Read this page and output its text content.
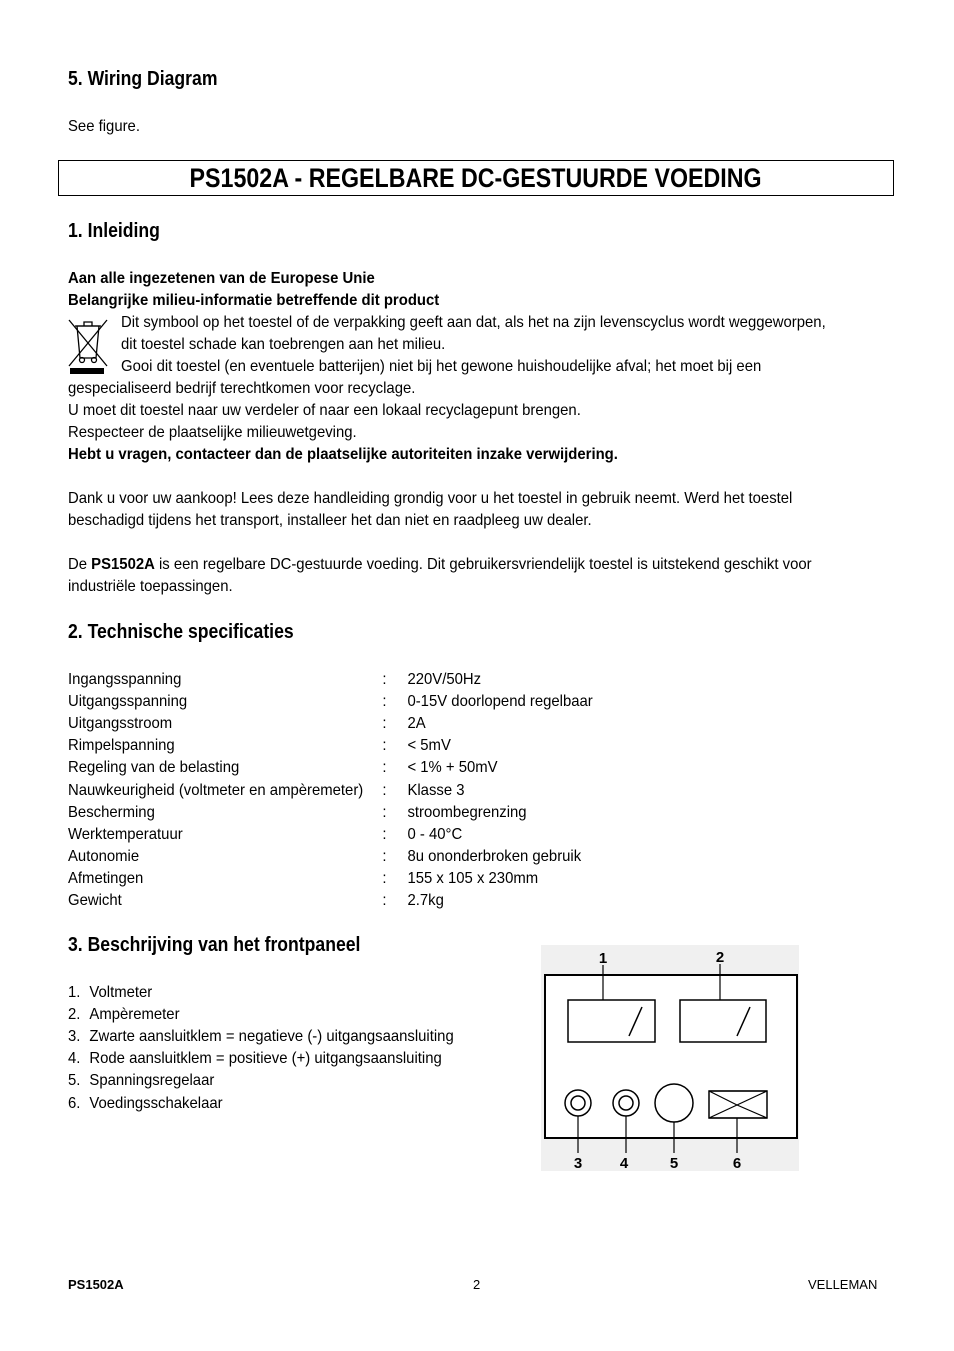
5. Wiring Diagram
See figure.
PS1502A - REGELBARE DC-GESTUURDE VOEDING
1. Inleiding
Aan alle ingezetenen van de Europese Unie
Belangrijke milieu-informatie betreffende dit product
Dit symbool op het toestel of de verpakking geeft aan dat, als het na zijn levenscyclus wordt weggeworpen,
dit toestel schade kan toebrengen aan het milieu.
Gooi dit toestel (en eventuele batterijen) niet bij het gewone huishoudelijke afval; het moet bij een
gespecialiseerd bedrijf terechtkomen voor recyclage.
U moet dit toestel naar uw verdeler of naar een lokaal recyclagepunt brengen.
Respecteer de plaatselijke milieuwetgeving.
Hebt u vragen, contacteer dan de plaatselijke autoriteiten inzake verwijdering.
Dank u voor uw aankoop! Lees deze handleiding grondig voor u het toestel in gebruik neemt. Werd het toestel
beschadigd tijdens het transport, installeer het dan niet en raadpleeg uw dealer.
De PS1502A is een regelbare DC-gestuurde voeding. Dit gebruikersvriendelijk toestel is uitstekend geschikt voor
industriële toepassingen.
2. Technische specificaties
Ingangsspanning	: 220V/50Hz
Uitgangsspanning	: 0-15V doorlopend regelbaar
Uitgangsstroom	: 2A
Rimpelspanning	: < 5mV
Regeling van de belasting	: < 1% + 50mV
Nauwkeurigheid (voltmeter en ampèremeter) : Klasse 3
Bescherming	: stroombegrenzing
Werktemperatuur	: 0 - 40°C
Autonomie	: 8u ononderbroken gebruik
Afmetingen	: 155 x 105 x 230mm
Gewicht	: 2.7kg
3. Beschrijving van het frontpaneel
1. Voltmeter
2. Ampèremeter
3. Zwarte aansluitklem = negatieve (-) uitgangsaansluiting
4. Rode aansluitklem = positieve (+) uitgangsaansluiting
5. Spanningsregelaar
6. Voedingsschakelaar
1	2
3	4	5	6
PS1502A	2	VELLEMAN
